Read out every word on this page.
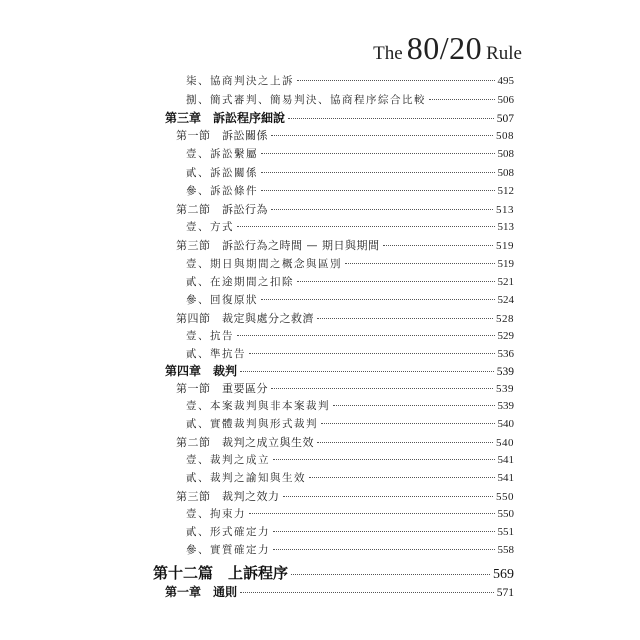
The 80/20 Rule
柒、協商判決之上訴	495
捌、簡式審判、簡易判決、協商程序綜合比較	506
第三章　訴訟程序細說	507
第一節　訴訟關係	508
壹、訴訟繫屬	508
貳、訴訟關係	508
參、訴訟條件	512
第二節　訴訟行為	513
壹、方式	513
第三節　訴訟行為之時間 — 期日與期間	519
壹、期日與期間之概念與區別	519
貳、在途期間之扣除	521
參、回復原狀	524
第四節　裁定與處分之救濟	528
壹、抗告	529
貳、準抗告	536
第四章　裁判	539
第一節　重要區分	539
壹、本案裁判與非本案裁判	539
貳、實體裁判與形式裁判	540
第二節　裁判之成立與生效	540
壹、裁判之成立	541
貳、裁判之諭知與生效	541
第三節　裁判之效力	550
壹、拘束力	550
貳、形式確定力	551
參、實質確定力	558
第十二篇　上訴程序	569
第一章　通則	571
